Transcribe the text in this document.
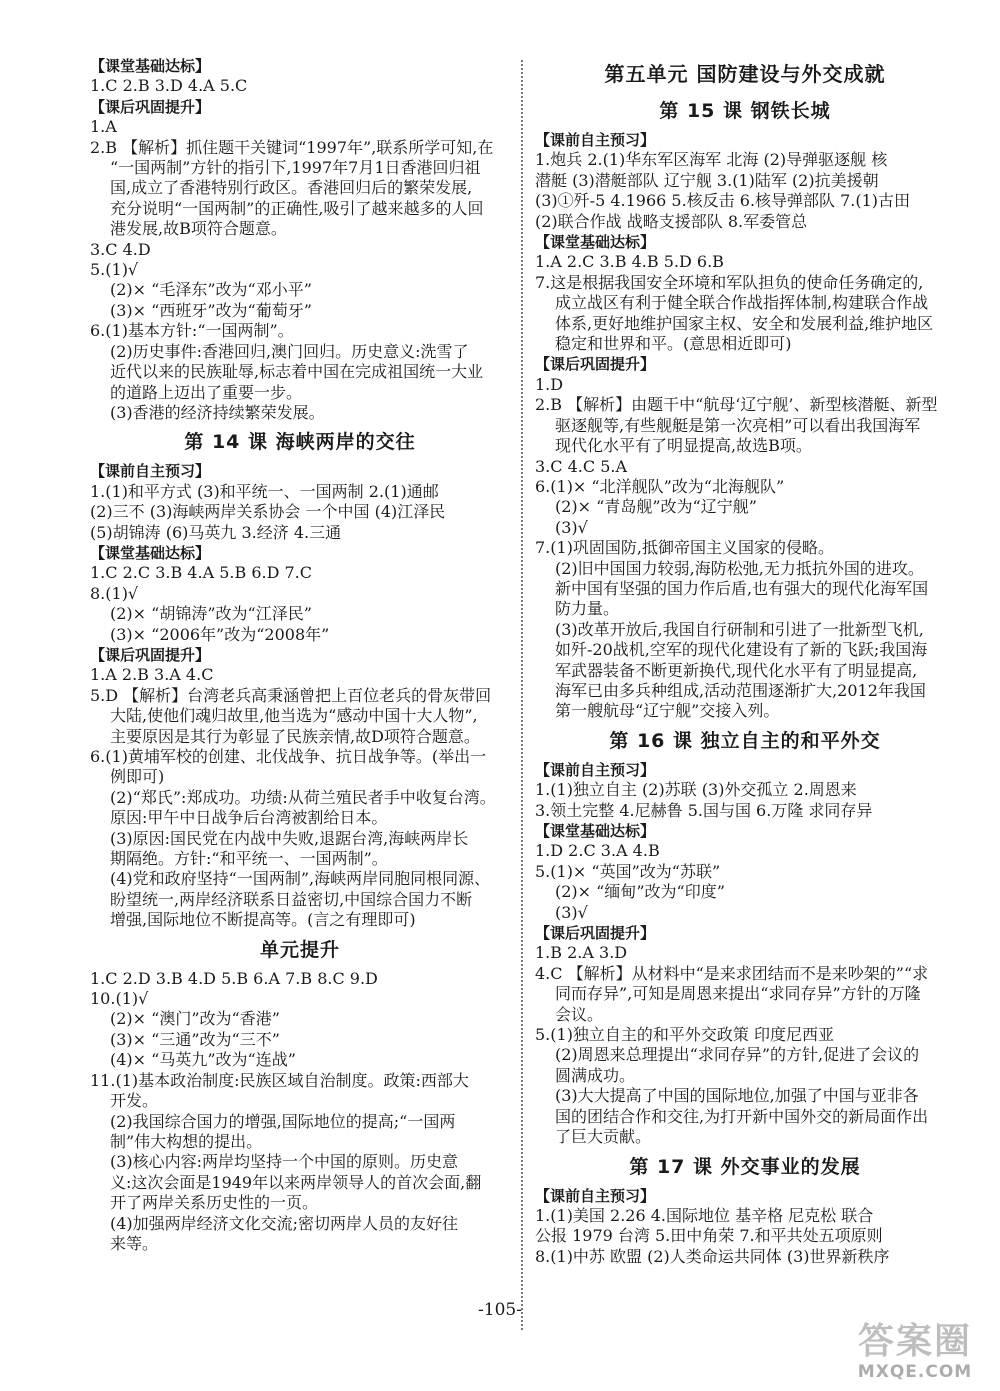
【课堂基础达标】
1.C 2.B 3.D 4.A 5.C
【课后巩固提升】
1.A
2.B 【解析】抓住题干关键词“1997年”,联系所学可知,在
“一国两制”方针的指引下,1997年7月1日香港回归祖
国,成立了香港特别行政区。香港回归后的繁荣发展,
充分说明“一国两制”的正确性,吸引了越来越多的人回
港发展,故B项符合题意。
3.C 4.D
5.(1)√
(2)× “毛泽东”改为“邓小平”
(3)× “西班牙”改为“葡萄牙”
6.(1)基本方针:“一国两制”。
(2)历史事件:香港回归,澳门回归。历史意义:洗雪了
近代以来的民族耻辱,标志着中国在完成祖国统一大业
的道路上迈出了重要一步。
(3)香港的经济持续繁荣发展。
第 14 课 海峡两岸的交往
【课前自主预习】
1.(1)和平方式 (3)和平统一、一国两制 2.(1)通邮
(2)三不 (3)海峡两岸关系协会 一个中国 (4)江泽民
(5)胡锦涛 (6)马英九 3.经济 4.三通
【课堂基础达标】
1.C 2.C 3.B 4.A 5.B 6.D 7.C
8.(1)√
(2)× “胡锦涛”改为“江泽民”
(3)× “2006年”改为“2008年”
【课后巩固提升】
1.A 2.B 3.A 4.C
5.D 【解析】台湾老兵高秉涵曾把上百位老兵的骨灰带回
大陆,使他们魂归故里,他当选为“感动中国十大人物”,
主要原因是其行为彰显了民族亲情,故D项符合题意。
6.(1)黄埔军校的创建、北伐战争、抗日战争等。(举出一
例即可)
(2)“郑氏”:郑成功。功绩:从荷兰殖民者手中收复台湾。
原因:甲午中日战争后台湾被割给日本。
(3)原因:国民党在内战中失败,退踞台湾,海峡两岸长
期隔绝。方针:“和平统一、一国两制”。
(4)党和政府坚持“一国两制”,海峡两岸同胞同根同源、
盼望统一,两岸经济联系日益密切,中国综合国力不断
增强,国际地位不断提高等。(言之有理即可)
单元提升
1.C 2.D 3.B 4.D 5.B 6.A 7.B 8.C 9.D
10.(1)√
(2)× “澳门”改为“香港”
(3)× “三通”改为“三不”
(4)× “马英九”改为“连战”
11.(1)基本政治制度:民族区域自治制度。政策:西部大
开发。
(2)我国综合国力的增强,国际地位的提高;“一国两
制”伟大构想的提出。
(3)核心内容:两岸均坚持一个中国的原则。历史意
义:这次会面是1949年以来两岸领导人的首次会面,翻
开了两岸关系历史性的一页。
(4)加强两岸经济文化交流;密切两岸人员的友好往
来等。
第五单元 国防建设与外交成就
第 15 课 钢铁长城
【课前自主预习】
1.炮兵 2.(1)华东军区海军 北海 (2)导弹驱逐舰 核
潜艇 (3)潜艇部队 辽宁舰 3.(1)陆军 (2)抗美援朝
(3)①歼-5 4.1966 5.核反击 6.核导弹部队 7.(1)古田
(2)联合作战 战略支援部队 8.军委管总
【课堂基础达标】
1.A 2.C 3.B 4.B 5.D 6.B
7.这是根据我国安全环境和军队担负的使命任务确定的,
成立战区有利于健全联合作战指挥体制,构建联合作战
体系,更好地维护国家主权、安全和发展利益,维护地区
稳定和世界和平。(意思相近即可)
【课后巩固提升】
1.D
2.B 【解析】由题干中“航母‘辽宁舰’、新型核潜艇、新型
驱逐舰等,有些舰艇是第一次亮相”可以看出我国海军
现代化水平有了明显提高,故选B项。
3.C 4.C 5.A
6.(1)× “北洋舰队”改为“北海舰队”
(2)× “青岛舰”改为“辽宁舰”
(3)√
7.(1)巩固国防,抵御帝国主义国家的侵略。
(2)旧中国国力较弱,海防松弛,无力抵抗外国的进攻。
新中国有坚强的国力作后盾,也有强大的现代化海军国
防力量。
(3)改革开放后,我国自行研制和引进了一批新型飞机,
如歼-20战机,空军的现代化建设有了新的飞跃;我国海
军武器装备不断更新换代,现代化水平有了明显提高,
海军已由多兵种组成,活动范围逐渐扩大,2012年我国
第一艘航母“辽宁舰”交接入列。
第 16 课 独立自主的和平外交
【课前自主预习】
1.(1)独立自主 (2)苏联 (3)外交孤立 2.周恩来
3.领土完整 4.尼赫鲁 5.国与国 6.万隆 求同存异
【课堂基础达标】
1.D 2.C 3.A 4.B
5.(1)× “英国”改为“苏联”
(2)× “缅甸”改为“印度”
(3)√
【课后巩固提升】
1.B 2.A 3.D
4.C 【解析】从材料中“是来求团结而不是来吵架的”“求
同而存异”,可知是周恩来提出“求同存异”方针的万隆
会议。
5.(1)独立自主的和平外交政策 印度尼西亚
(2)周恩来总理提出“求同存异”的方针,促进了会议的
圆满成功。
(3)大大提高了中国的国际地位,加强了中国与亚非各
国的团结合作和交往,为打开新中国外交的新局面作出
了巨大贡献。
第 17 课 外交事业的发展
【课前自主预习】
1.(1)美国 2.26 4.国际地位 基辛格 尼克松 联合
公报 1979 台湾 5.田中角荣 7.和平共处五项原则
8.(1)中苏 欧盟 (2)人类命运共同体 (3)世界新秩序
-105-
答案圈
MXQE.COM
